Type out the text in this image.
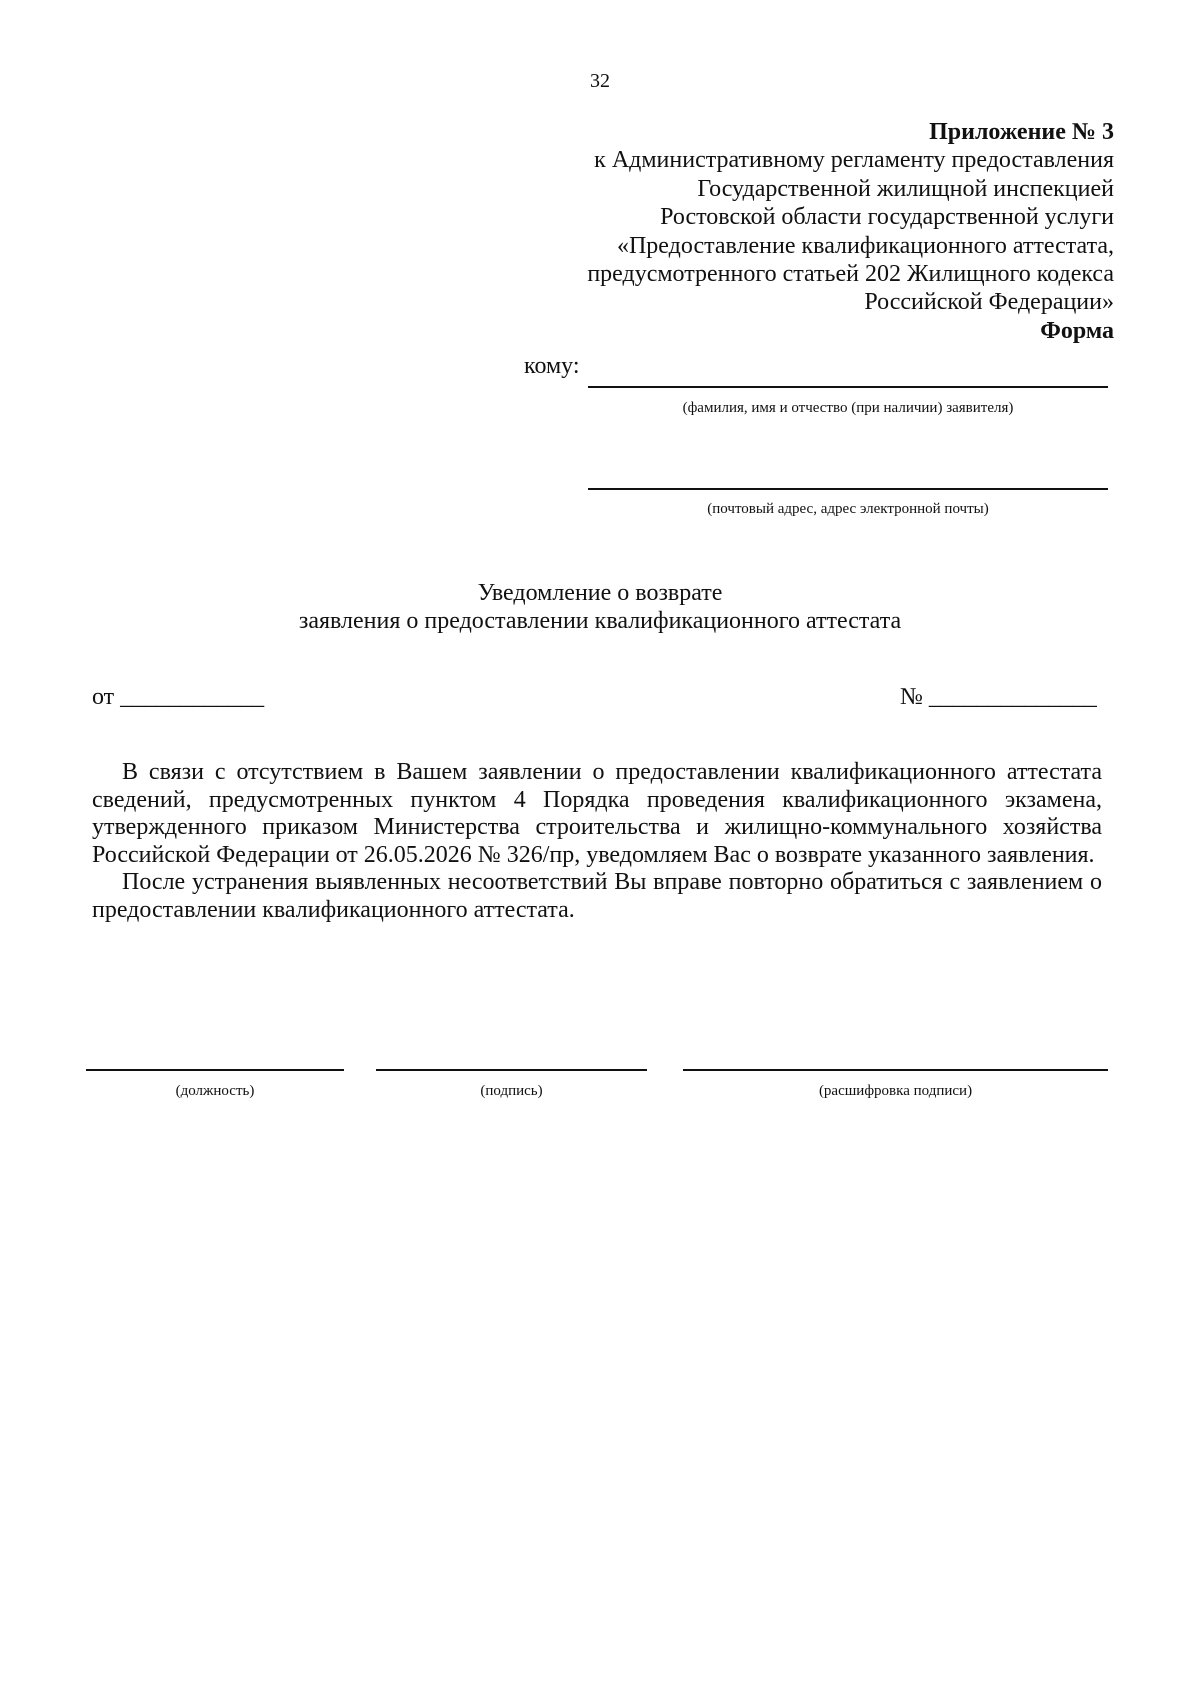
32
Приложение № 3
к Административному регламенту предоставления
Государственной жилищной инспекцией
Ростовской области государственной услуги
«Предоставление квалификационного аттестата,
предусмотренного статьей 202 Жилищного кодекса
Российской Федерации»
Форма
кому:
(фамилия, имя и отчество (при наличии) заявителя)
(почтовый адрес, адрес электронной почты)
Уведомление о возврате
заявления о предоставлении квалификационного аттестата
от ____________	№ ______________

В связи с отсутствием в Вашем заявлении о предоставлении квалификационного аттестата сведений, предусмотренных пунктом 4 Порядка проведения квалификационного экзамена, утвержденного приказом Министерства строительства и жилищно-коммунального хозяйства Российской Федерации от 26.05.2026 № 326/пр, уведомляем Вас о возврате указанного заявления.

После устранения выявленных несоответствий Вы вправе повторно обратиться с заявлением о предоставлении квалификационного аттестата.

(должность)	(подпись)	(расшифровка подписи)
